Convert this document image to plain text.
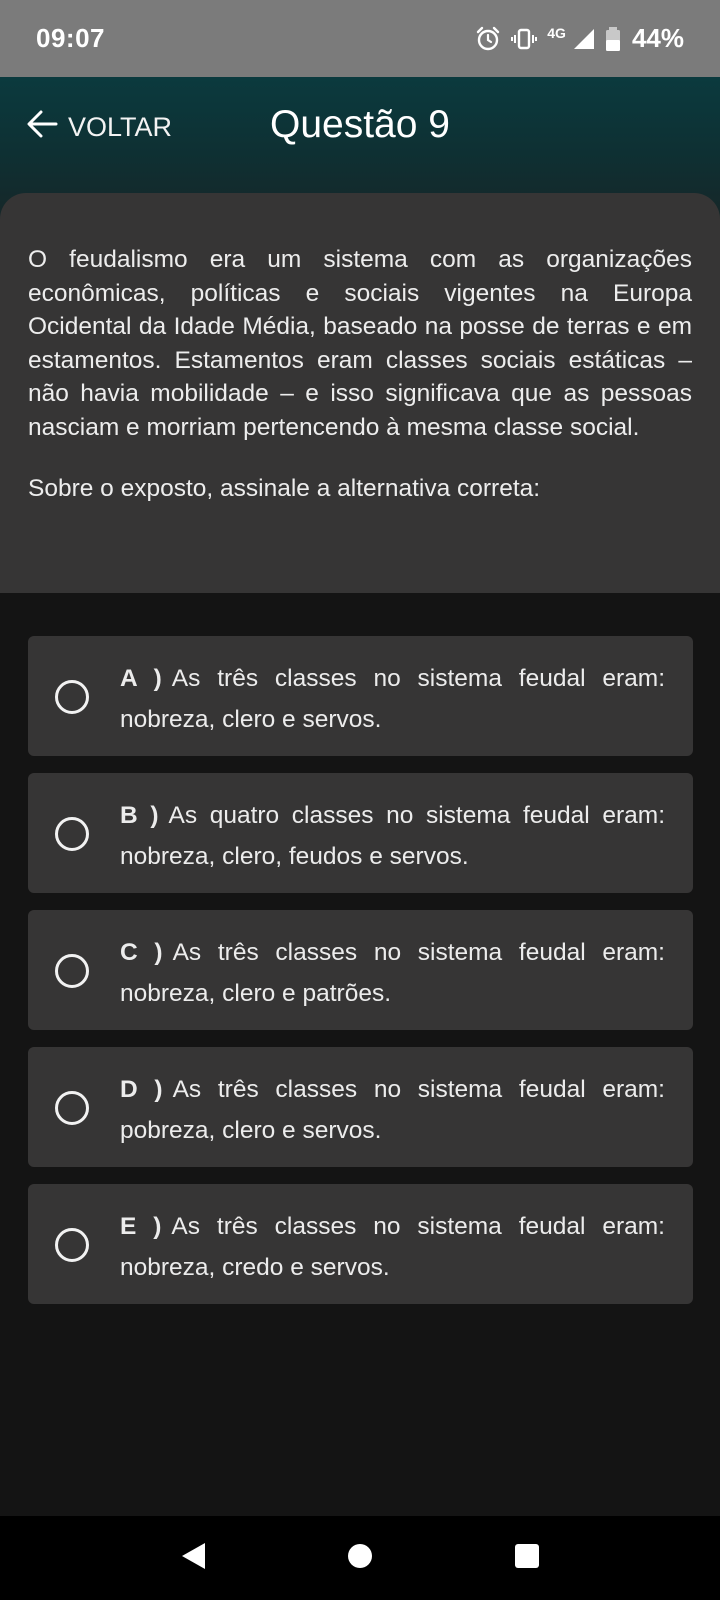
09:07	4G	44%
VOLTAR	Questão 9

O feudalismo era um sistema com as organizações econômicas, políticas e sociais vigentes na Europa Ocidental da Idade Média, baseado na posse de terras e em estamentos. Estamentos eram classes sociais estáticas – não havia mobilidade – e isso significava que as pessoas nasciam e morriam pertencendo à mesma classe social.

Sobre o exposto, assinale a alternativa correta:

A ) As três classes no sistema feudal eram: nobreza, clero e servos.

B ) As quatro classes no sistema feudal eram: nobreza, clero, feudos e servos.

C ) As três classes no sistema feudal eram: nobreza, clero e patrões.

D ) As três classes no sistema feudal eram: pobreza, clero e servos.

E ) As três classes no sistema feudal eram: nobreza, credo e servos.
